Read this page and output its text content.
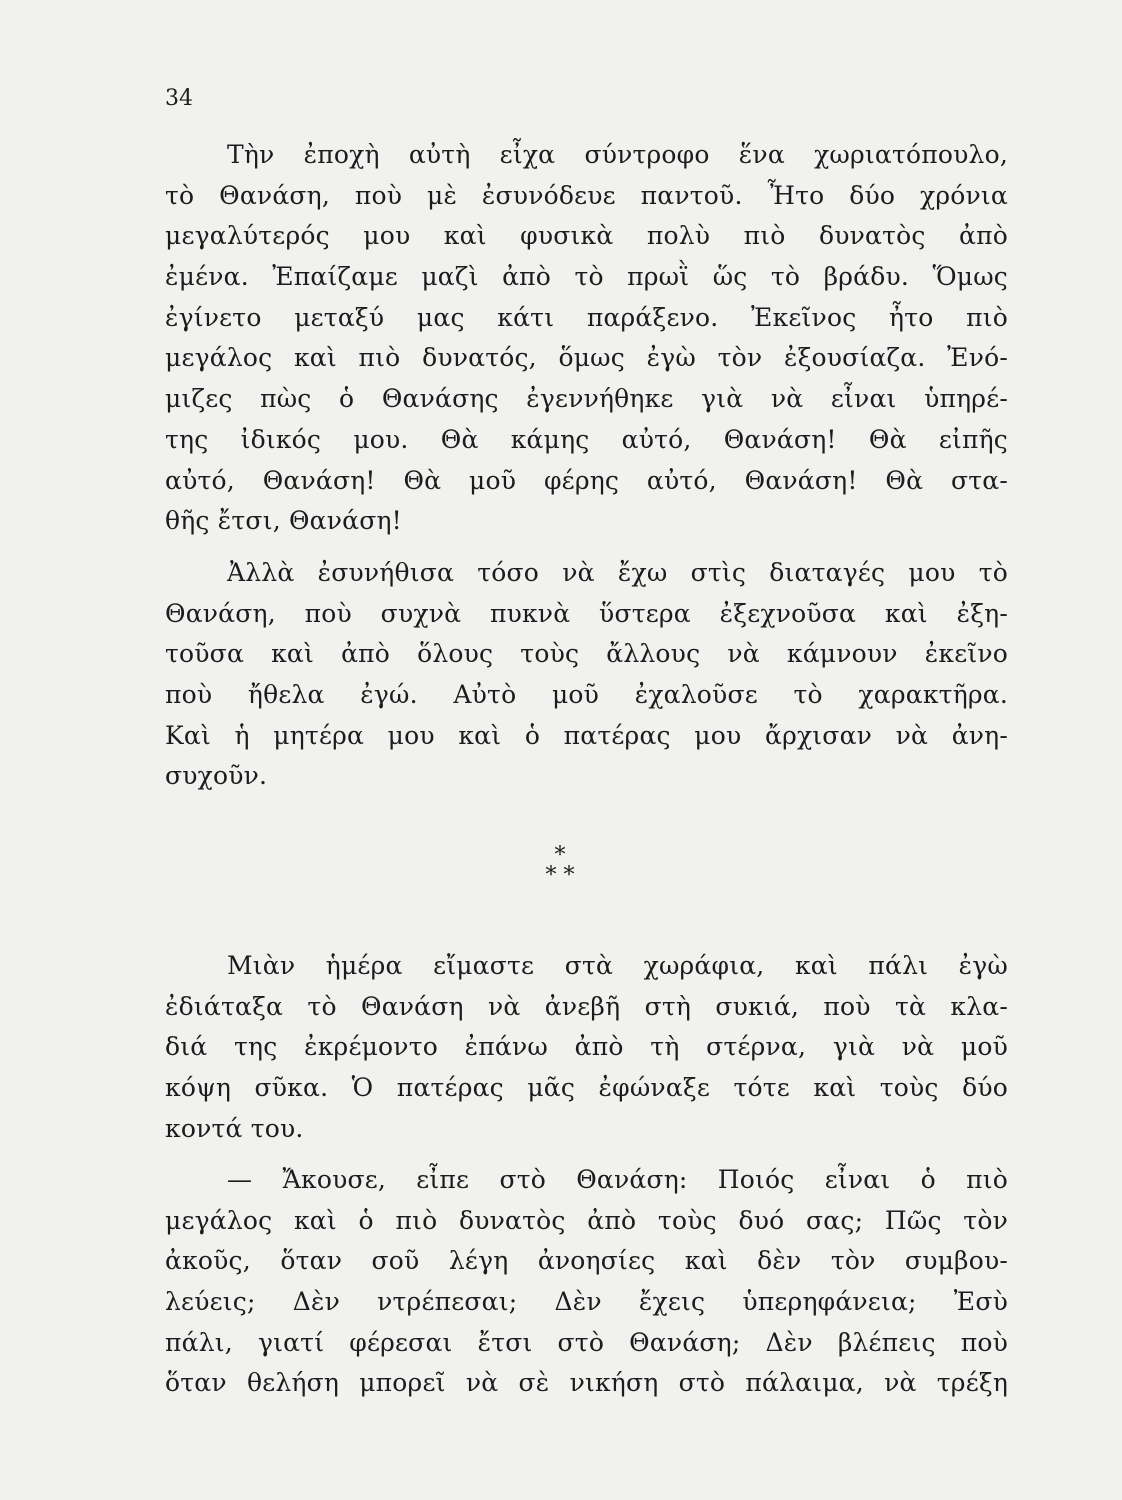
34
Τὴν ἐποχὴ αὐτὴ εἶχα σύντροφο ἕνα χωριατόπουλο,
τὸ Θανάση, ποὺ μὲ ἐσυνόδευε παντοῦ. Ἦτο δύο χρόνια
μεγαλύτερός μου καὶ φυσικὰ πολὺ πιὸ δυνατὸς ἀπὸ
ἐμένα. Ἐπαίζαμε μαζὶ ἀπὸ τὸ πρωῒ ὥς τὸ βράδυ. Ὅμως
ἐγίνετο μεταξύ μας κάτι παράξενο. Ἐκεῖνος ἦτο πιὸ
μεγάλος καὶ πιὸ δυνατός, ὅμως ἐγὼ τὸν ἐξουσίαζα. Ἐνό-
μιζες πὼς ὁ Θανάσης ἐγεννήθηκε γιὰ νὰ εἶναι ὑπηρέ-
της ἰδικός μου. Θὰ κάμης αὐτό, Θανάση! Θὰ εἰπῆς
αὐτό, Θανάση! Θὰ μοῦ φέρης αὐτό, Θανάση! Θὰ στα-
θῆς ἔτσι, Θανάση!
Ἀλλὰ ἐσυνήθισα τόσο νὰ ἔχω στὶς διαταγές μου τὸ
Θανάση, ποὺ συχνὰ πυκνὰ ὕστερα ἐξεχνοῦσα καὶ ἐξη-
τοῦσα καὶ ἀπὸ ὅλους τοὺς ἄλλους νὰ κάμνουν ἐκεῖνο
ποὺ ἤθελα ἐγώ. Αὐτὸ μοῦ ἐχαλοῦσε τὸ χαρακτῆρα.
Καὶ ἡ μητέρα μου καὶ ὁ πατέρας μου ἄρχισαν νὰ ἀνη-
συχοῦν.
*
* *
Μιὰν ἡμέρα εἴμαστε στὰ χωράφια, καὶ πάλι ἐγὼ
ἐδιάταξα τὸ Θανάση νὰ ἀνεβῆ στὴ συκιά, ποὺ τὰ κλα-
διά της ἐκρέμοντο ἐπάνω ἀπὸ τὴ στέρνα, γιὰ νὰ μοῦ
κόψη σῦκα. Ὁ πατέρας μᾶς ἐφώναξε τότε καὶ τοὺς δύο
κοντά του.
— Ἄκουσε, εἶπε στὸ Θανάση: Ποιός εἶναι ὁ πιὸ
μεγάλος καὶ ὁ πιὸ δυνατὸς ἀπὸ τοὺς δυό σας; Πῶς τὸν
ἀκοῦς, ὅταν σοῦ λέγη ἀνοησίες καὶ δὲν τὸν συμβου-
λεύεις; Δὲν ντρέπεσαι; Δὲν ἔχεις ὑπερηφάνεια; Ἐσὺ
πάλι, γιατί φέρεσαι ἔτσι στὸ Θανάση; Δὲν βλέπεις ποὺ
ὅταν θελήση μπορεῖ νὰ σὲ νικήση στὸ πάλαιμα, νὰ τρέξη
